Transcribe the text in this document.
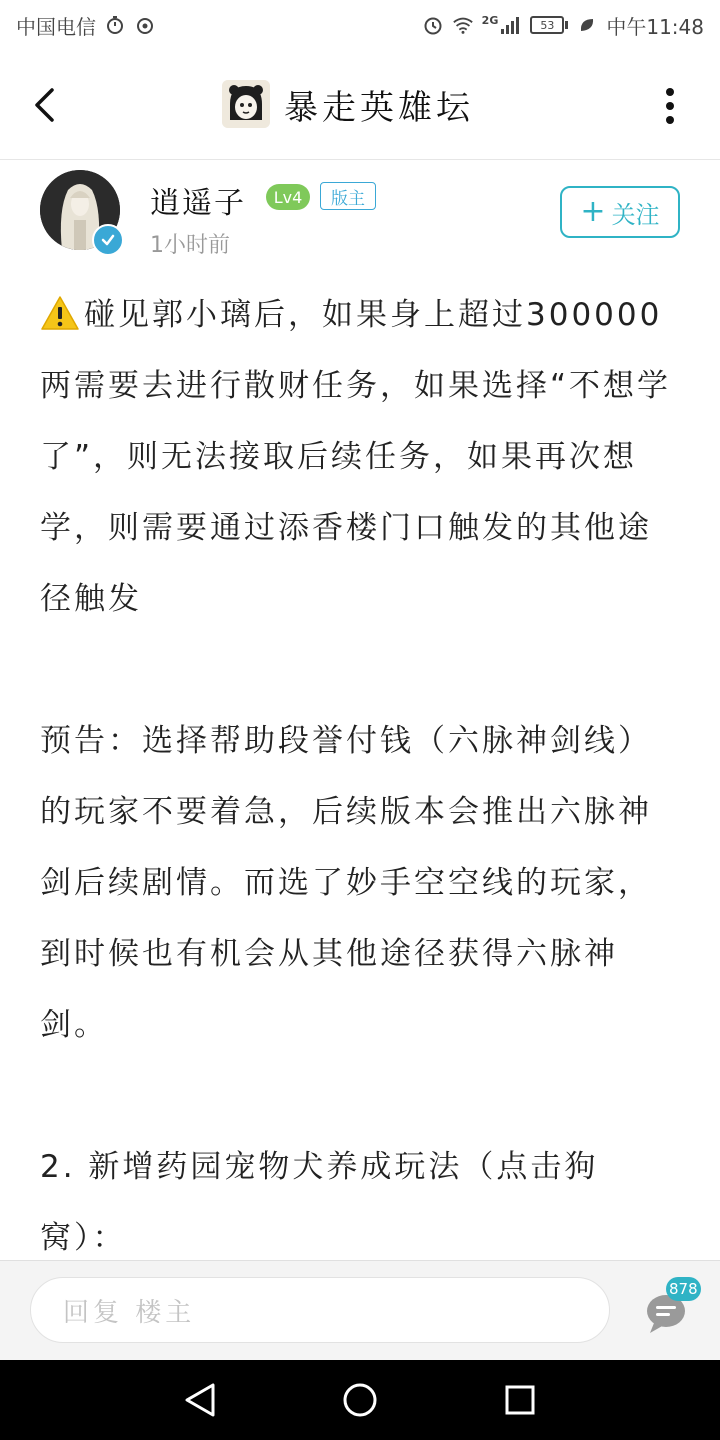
中国电信	2G	53	中午11:48
暴走英雄坛
逍遥子	Lv4	版主
1小时前
+ 关注

碰见郭小璃后，如果身上超过300000两需要去进行散财任务，如果选择“不想学了”，则无法接取后续任务，如果再次想学，则需要通过添香楼门口触发的其他途径触发

预告：选择帮助段誉付钱（六脉神剑线）的玩家不要着急，后续版本会推出六脉神剑后续剧情。而选了妙手空空线的玩家，到时候也有机会从其他途径获得六脉神剑。

2. 新增药园宠物犬养成玩法（点击狗窝）：

回复 楼主
878
